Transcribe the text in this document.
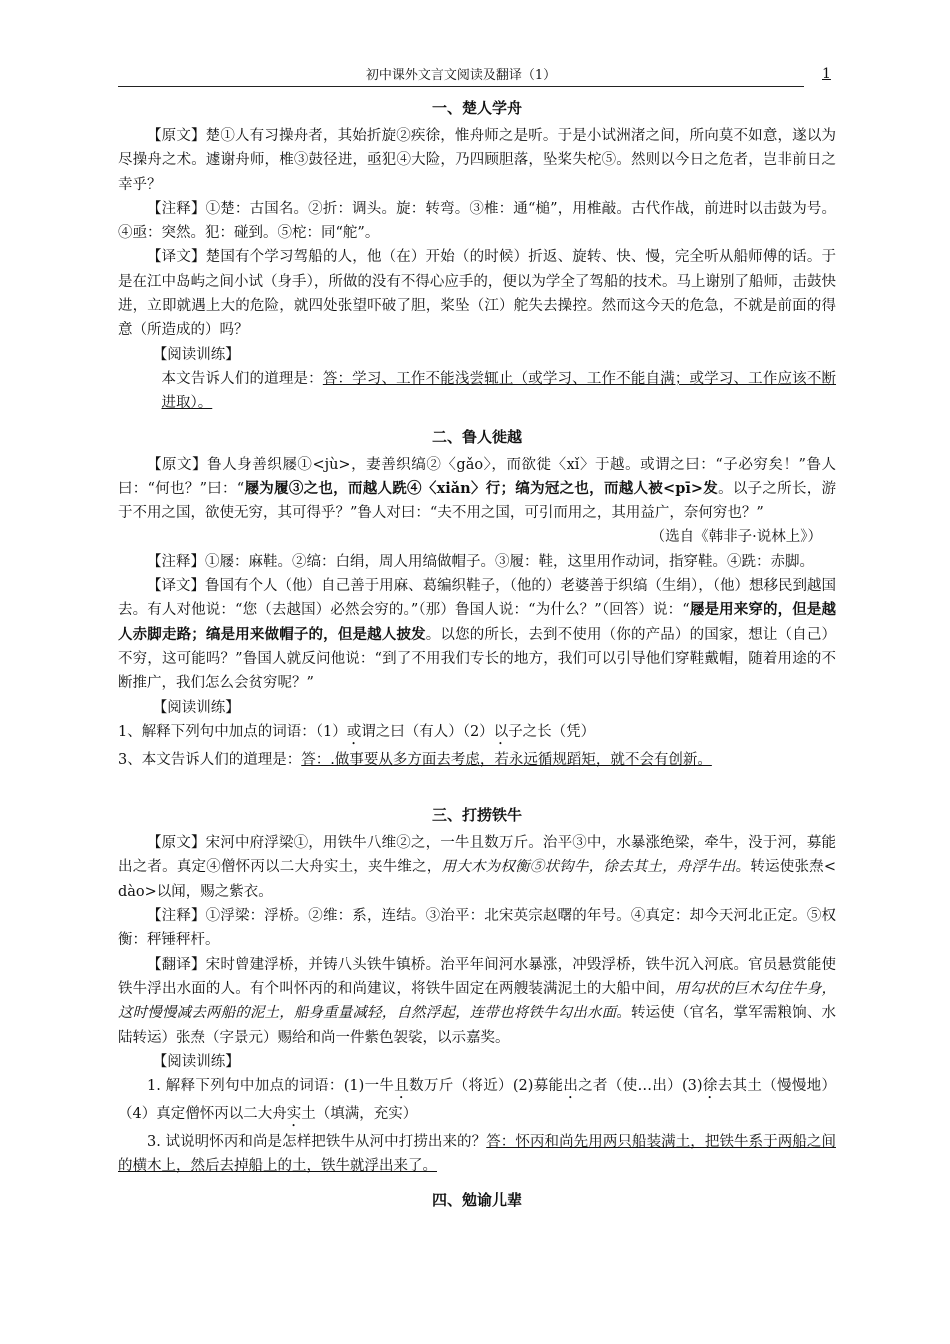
1
初中课外文言文阅读及翻译（1）
一、楚人学舟

【原文】楚①人有习操舟者，其始折旋②疾徐，惟舟师之是听。于是小试洲渚之间，所向莫不如意，遂以为尽操舟之术。遽谢舟师，椎③鼓径进，亟犯④大险，乃四顾胆落，坠桨失柁⑤。然则以今日之危者，岂非前日之幸乎？

【注释】①楚：古国名。②折：调头。旋：转弯。③椎：通“槌”，用椎敲。古代作战，前进时以击鼓为号。④亟：突然。犯：碰到。⑤柁：同“舵”。

【译文】楚国有个学习驾船的人，他（在）开始（的时候）折返、旋转、快、慢，完全听从船师傅的话。于是在江中岛屿之间小试（身手），所做的没有不得心应手的，便以为学全了驾船的技术。马上谢别了船师，击鼓快进，立即就遇上大的危险，就四处张望吓破了胆，桨坠（江）舵失去操控。然而这今天的危急，不就是前面的得意（所造成的）吗？

【阅读训练】

本文告诉人们的道理是：答：学习、工作不能浅尝辄止（或学习、工作不能自满；或学习、工作应该不断进取）。

二、鲁人徙越

【原文】鲁人身善织屦①<jù>，妻善织缟②〈gǎo〉，而欲徙〈xǐ〉于越。或谓之曰：“子必穷矣！”鲁人曰：“何也？”曰：“屦为履③之也，而越人跣④〈xiǎn〉行；缟为冠之也，而越人被<pī>发。以子之所长，游于不用之国，欲使无穷，其可得乎？”鲁人对曰：“夫不用之国，可引而用之，其用益广，奈何穷也？”

（选自《韩非子·说林上》）

【注释】①屦：麻鞋。②缟：白绢，周人用缟做帽子。③履：鞋，这里用作动词，指穿鞋。④跣：赤脚。

【译文】鲁国有个人（他）自己善于用麻、葛编织鞋子，（他的）老婆善于织缟（生绢），（他）想移民到越国去。有人对他说：“您（去越国）必然会穷的。”（那）鲁国人说：“为什么？”（回答）说：“屦是用来穿的，但是越人赤脚走路；缟是用来做帽子的，但是越人披发。以您的所长，去到不使用（你的产品）的国家，想让（自己）不穷，这可能吗？”鲁国人就反问他说：“到了不用我们专长的地方，我们可以引导他们穿鞋戴帽，随着用途的不断推广，我们怎么会贫穷呢？”

【阅读训练】

1、解释下列句中加点的词语：（1）或谓之曰（有人）（2）以子之长（凭）

3、本文告诉人们的道理是：答：.做事要从多方面去考虑，若永远循规蹈矩，就不会有创新。

三、打捞铁牛

【原文】宋河中府浮梁①，用铁牛八维②之，一牛且数万斤。治平③中，水暴涨绝梁，牵牛，没于河，募能出之者。真定④僧怀丙以二大舟实土，夹牛维之，用大木为权衡⑤状钩牛，徐去其土，舟浮牛出。转运使张焘< dào>以闻，赐之紫衣。

【注释】①浮梁：浮桥。②维：系，连结。③治平：北宋英宗赵曙的年号。④真定：却今天河北正定。⑤权衡：秤锤秤杆。

【翻译】宋时曾建浮桥，并铸八头铁牛镇桥。治平年间河水暴涨，冲毁浮桥，铁牛沉入河底。官员悬赏能使铁牛浮出水面的人。有个叫怀丙的和尚建议，将铁牛固定在两艘装满泥土的大船中间，用勾状的巨木勾住牛身，这时慢慢减去两船的泥土，船身重量减轻，自然浮起，连带也将铁牛勾出水面。转运使（官名，掌军需粮饷、水陆转运）张焘（字景元）赐给和尚一件紫色袈裟，以示嘉奖。

【阅读训练】

1. 解释下列句中加点的词语：(1)一牛且数万斤（将近）(2)募能出之者（使…出）(3)徐去其土（慢慢地）（4）真定僧怀丙以二大舟实土（填满，充实）

3. 试说明怀丙和尚是怎样把铁牛从河中打捞出来的？答：怀丙和尚先用两只船装满土，把铁牛系于两船之间的横木上，然后去掉船上的土，铁牛就浮出来了。

四、勉谕儿辈
